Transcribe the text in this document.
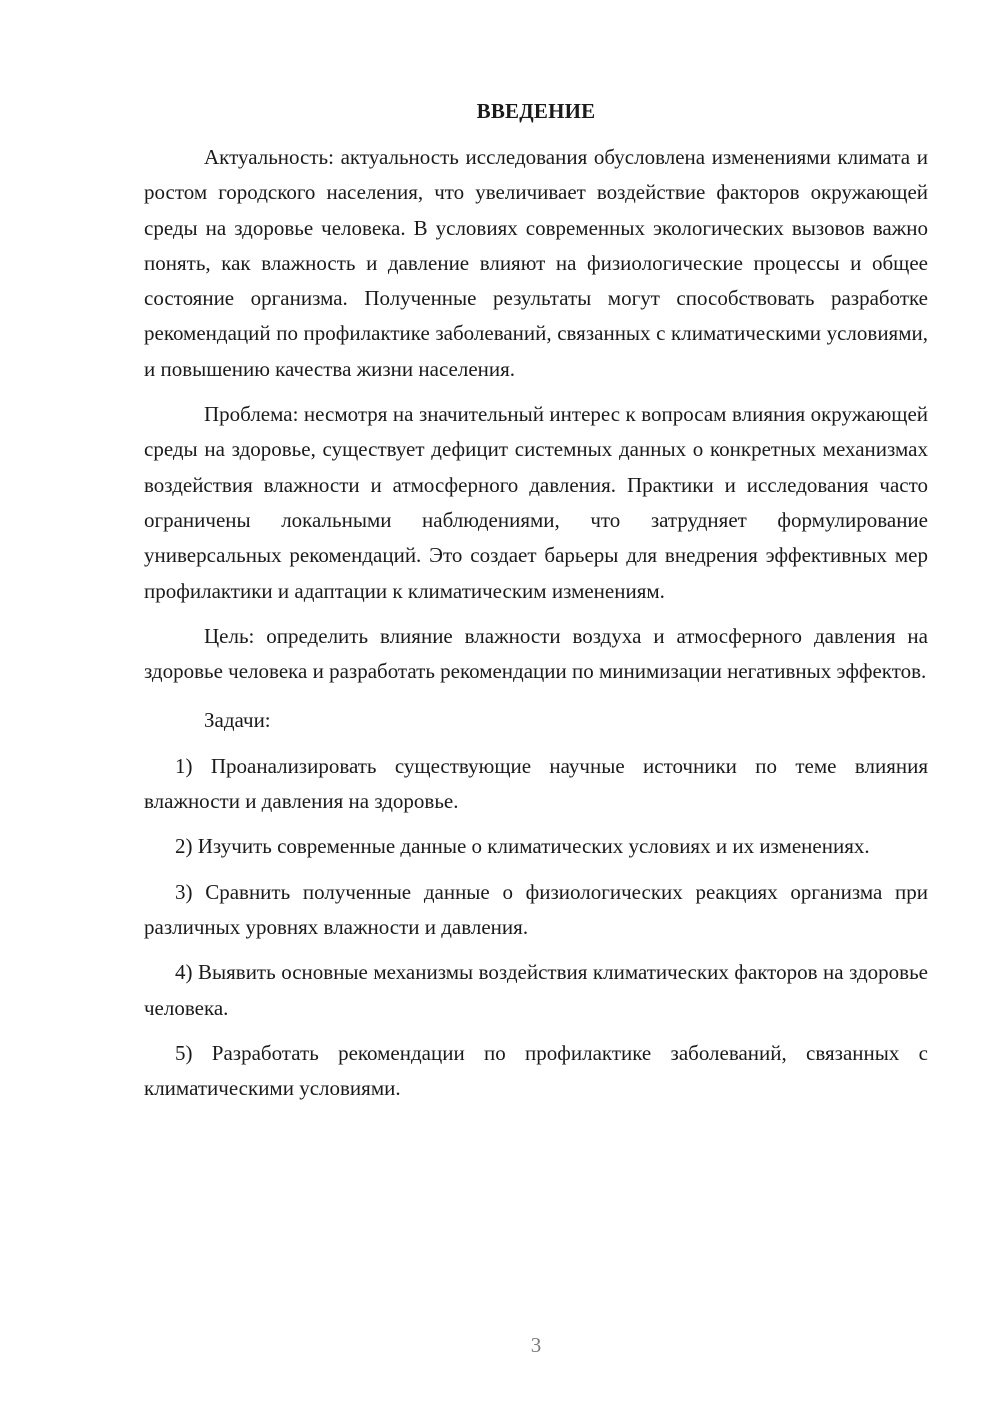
ВВЕДЕНИЕ

Актуальность: актуальность исследования обусловлена изменениями климата и ростом городского населения, что увеличивает воздействие факторов окружающей среды на здоровье человека. В условиях современных экологических вызовов важно понять, как влажность и давление влияют на физиологические процессы и общее состояние организма. Полученные результаты могут способствовать разработке рекомендаций по профилактике заболеваний, связанных с климатическими условиями, и повышению качества жизни населения.

Проблема: несмотря на значительный интерес к вопросам влияния окружающей среды на здоровье, существует дефицит системных данных о конкретных механизмах воздействия влажности и атмосферного давления. Практики и исследования часто ограничены локальными наблюдениями, что затрудняет формулирование универсальных рекомендаций. Это создает барьеры для внедрения эффективных мер профилактики и адаптации к климатическим изменениям.

Цель: определить влияние влажности воздуха и атмосферного давления на здоровье человека и разработать рекомендации по минимизации негативных эффектов.

Задачи:

1) Проанализировать существующие научные источники по теме влияния влажности и давления на здоровье.

2) Изучить современные данные о климатических условиях и их изменениях.

3) Сравнить полученные данные о физиологических реакциях организма при различных уровнях влажности и давления.

4) Выявить основные механизмы воздействия климатических факторов на здоровье человека.

5) Разработать рекомендации по профилактике заболеваний, связанных с климатическими условиями.

3
